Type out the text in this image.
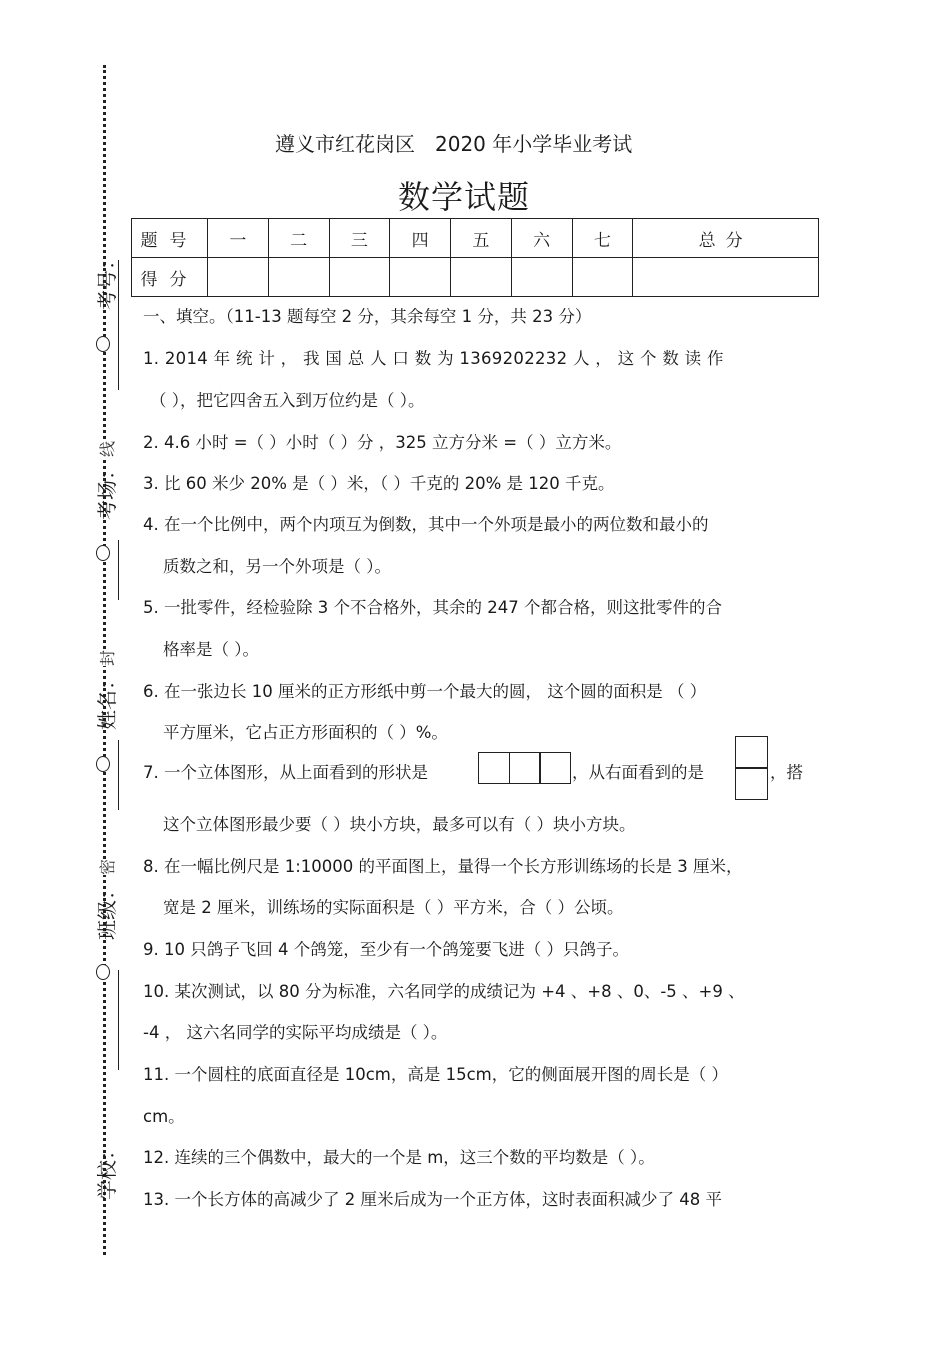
线
封
密
考号：
考场：
姓名：
班级：
学校：
遵义市红花岗区　2020 年小学毕业考试
数学试题
题号	一	二	三	四	五	六	七	总分
得分								
一、填空。（11-13 题每空 2 分，其余每空 1 分，共 23 分）
1. 2014 年 统 计 ， 我 国 总 人 口 数 为 1369202232 人 ， 这 个 数 读 作
（ ），把它四舍五入到万位约是（ ）。
2. 4.6 小时 =（ ）小时（ ）分 ，325 立方分米 =（ ）立方米。
3. 比 60 米少 20% 是（ ）米，（ ）千克的 20% 是 120 千克。
4. 在一个比例中，两个内项互为倒数，其中一个外项是最小的两位数和最小的
质数之和，另一个外项是（ ）。
5. 一批零件，经检验除 3 个不合格外，其余的 247 个都合格，则这批零件的合
格率是（ ）。
6. 在一张边长 10 厘米的正方形纸中剪一个最大的圆， 这个圆的面积是 （ ）
平方厘米，它占正方形面积的（ ）%。
7. 一个立体图形，从上面看到的形状是	，从右面看到的是	，搭
这个立体图形最少要（ ）块小方块，最多可以有（ ）块小方块。
8. 在一幅比例尺是 1:10000 的平面图上，量得一个长方形训练场的长是 3 厘米，
宽是 2 厘米，训练场的实际面积是（ ）平方米，合（ ）公顷。
9. 10 只鸽子飞回 4 个鸽笼，至少有一个鸽笼要飞进（ ）只鸽子。
10. 某次测试，以 80 分为标准，六名同学的成绩记为 +4 、+8 、0、-5 、+9 、
-4 ， 这六名同学的实际平均成绩是（ ）。
11. 一个圆柱的底面直径是 10cm，高是 15cm，它的侧面展开图的周长是（ ）
cm。
12. 连续的三个偶数中，最大的一个是 m，这三个数的平均数是（ ）。
13. 一个长方体的高减少了 2 厘米后成为一个正方体，这时表面积减少了 48 平
